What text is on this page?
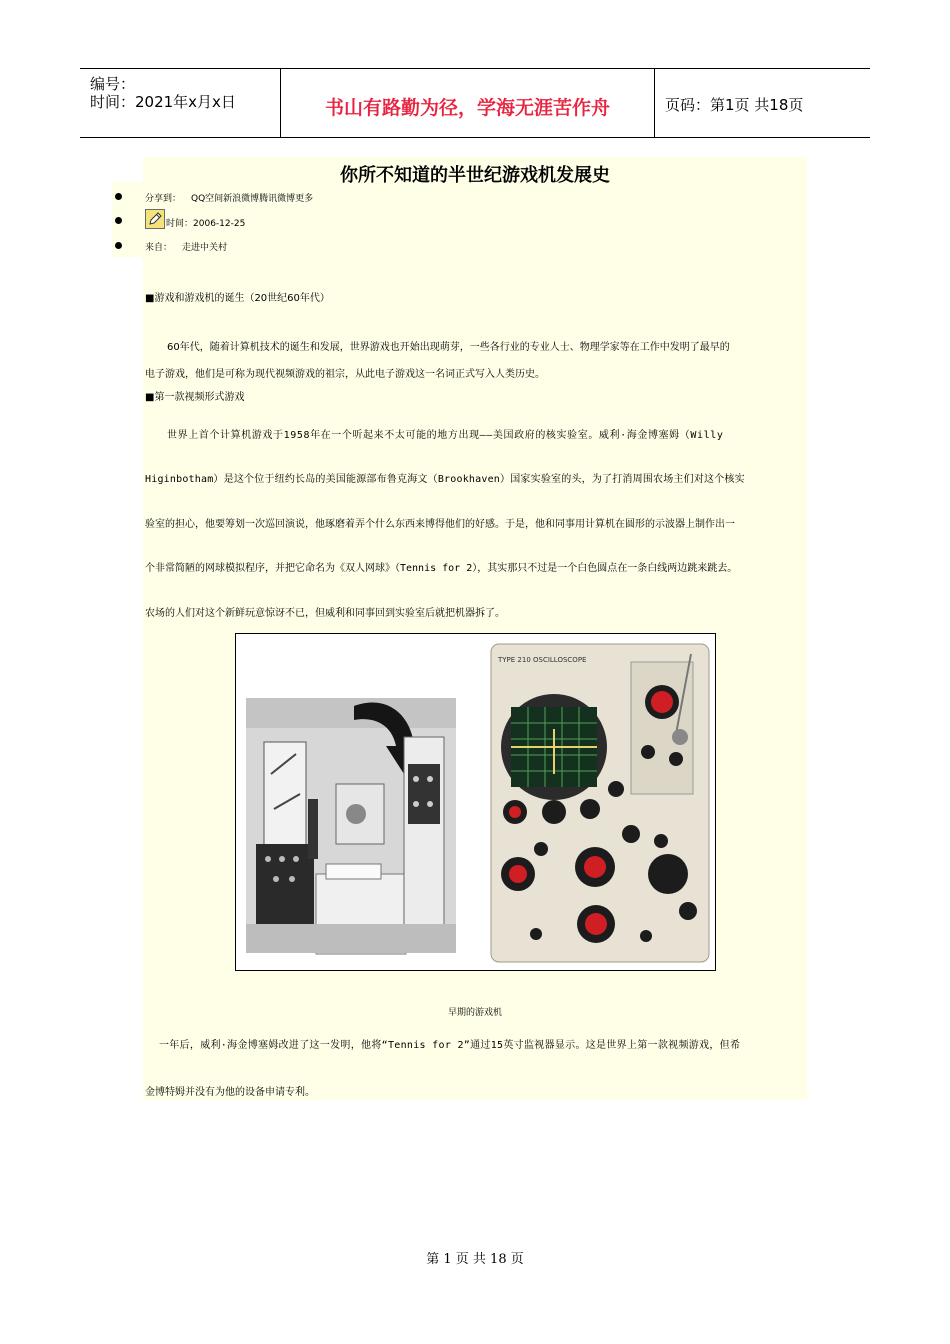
编号：
时间：2021年x月x日	书山有路勤为径，学海无涯苦作舟	页码：第1页 共18页
你所不知道的半世纪游戏机发展史
分享到： QQ空间新浪微博腾讯微博更多
时间：2006-12-25
来自： 走进中关村
■游戏和游戏机的诞生（20世纪60年代）
60年代，随着计算机技术的诞生和发展，世界游戏也开始出现萌芽，一些各行业的专业人士、物理学家等在工作中发明了最早的
电子游戏，他们是可称为现代视频游戏的祖宗，从此电子游戏这一名词正式写入人类历史。
■第一款视频形式游戏
世界上首个计算机游戏于1958年在一个听起来不太可能的地方出现——美国政府的核实验室。威利·海金博塞姆（Willy
Higinbotham）是这个位于纽约长岛的美国能源部布鲁克海文（Brookhaven）国家实验室的头，为了打消周围农场主们对这个核实
验室的担心，他要筹划一次巡回演说，他琢磨着弄个什么东西来博得他们的好感。于是，他和同事用计算机在圆形的示波器上制作出一
个非常简陋的网球模拟程序，并把它命名为《双人网球》（Tennis for 2），其实那只不过是一个白色圆点在一条白线两边跳来跳去。
农场的人们对这个新鲜玩意惊讶不已，但威利和同事回到实验室后就把机器拆了。
TYPE 210 OSCILLOSCOPE
早期的游戏机
一年后，威利·海金博塞姆改进了这一发明，他将“Tennis for 2”通过15英寸监视器显示。这是世界上第一款视频游戏，但希
金博特姆并没有为他的设备申请专利。
第 1 页 共 18 页
